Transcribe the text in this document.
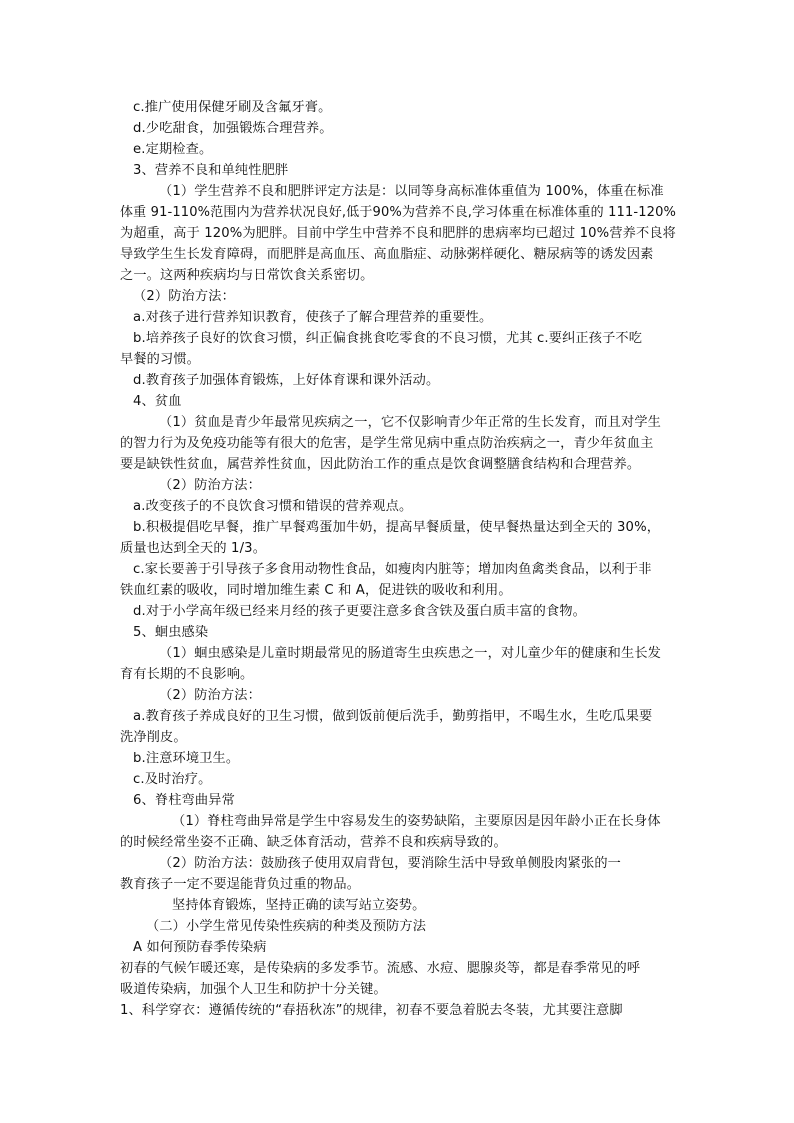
c.推广使用保健牙刷及含氟牙膏。
d.少吃甜食，加强锻炼合理营养。
e.定期检查。
3、营养不良和单纯性肥胖
（1）学生营养不良和肥胖评定方法是：以同等身高标准体重值为 100%，体重在标准
体重 91-110%范围内为营养状况良好,低于90%为营养不良,学习体重在标准体重的 111-120%
为超重，高于 120%为肥胖。目前中学生中营养不良和肥胖的患病率均已超过 10%营养不良将
导致学生生长发育障碍，而肥胖是高血压、高血脂症、动脉粥样硬化、糖尿病等的诱发因素
之一。这两种疾病均与日常饮食关系密切。
（2）防治方法：
a.对孩子进行营养知识教育，使孩子了解合理营养的重要性。
b.培养孩子良好的饮食习惯，纠正偏食挑食吃零食的不良习惯，尤其 c.要纠正孩子不吃
早餐的习惯。
d.教育孩子加强体育锻炼，上好体育课和课外活动。
4、贫血
（1）贫血是青少年最常见疾病之一，它不仅影响青少年正常的生长发育，而且对学生
的智力行为及免疫功能等有很大的危害，是学生常见病中重点防治疾病之一，青少年贫血主
要是缺铁性贫血，属营养性贫血，因此防治工作的重点是饮食调整膳食结构和合理营养。
（2）防治方法：
a.改变孩子的不良饮食习惯和错误的营养观点。
b.积极提倡吃早餐，推广早餐鸡蛋加牛奶，提高早餐质量，使早餐热量达到全天的 30%，
质量也达到全天的 1/3。
c.家长要善于引导孩子多食用动物性食品，如瘦肉内脏等；增加肉鱼禽类食品，以利于非
铁血红素的吸收，同时增加维生素 C 和 A，促进铁的吸收和利用。
d.对于小学高年级已经来月经的孩子更要注意多食含铁及蛋白质丰富的食物。
5、蛔虫感染
（1）蛔虫感染是儿童时期最常见的肠道寄生虫疾患之一，对儿童少年的健康和生长发
育有长期的不良影响。
（2）防治方法：
a.教育孩子养成良好的卫生习惯，做到饭前便后洗手，勤剪指甲，不喝生水，生吃瓜果要
洗净削皮。
b.注意环境卫生。
c.及时治疗。
6、脊柱弯曲异常
（1）脊柱弯曲异常是学生中容易发生的姿势缺陷，主要原因是因年龄小正在长身体
的时候经常坐姿不正确、缺乏体育活动，营养不良和疾病导致的。
（2）防治方法：鼓励孩子使用双肩背包，要消除生活中导致单侧股肉紧张的一
教育孩子一定不要逞能背负过重的物品。
坚持体育锻炼，坚持正确的读写站立姿势。
（二）小学生常见传染性疾病的种类及预防方法
A 如何预防春季传染病
初春的气候乍暖还寒，是传染病的多发季节。流感、水痘、腮腺炎等，都是春季常见的呼
吸道传染病，加强个人卫生和防护十分关键。
1、科学穿衣：遵循传统的“春捂秋冻”的规律，初春不要急着脱去冬装，尤其要注意脚
